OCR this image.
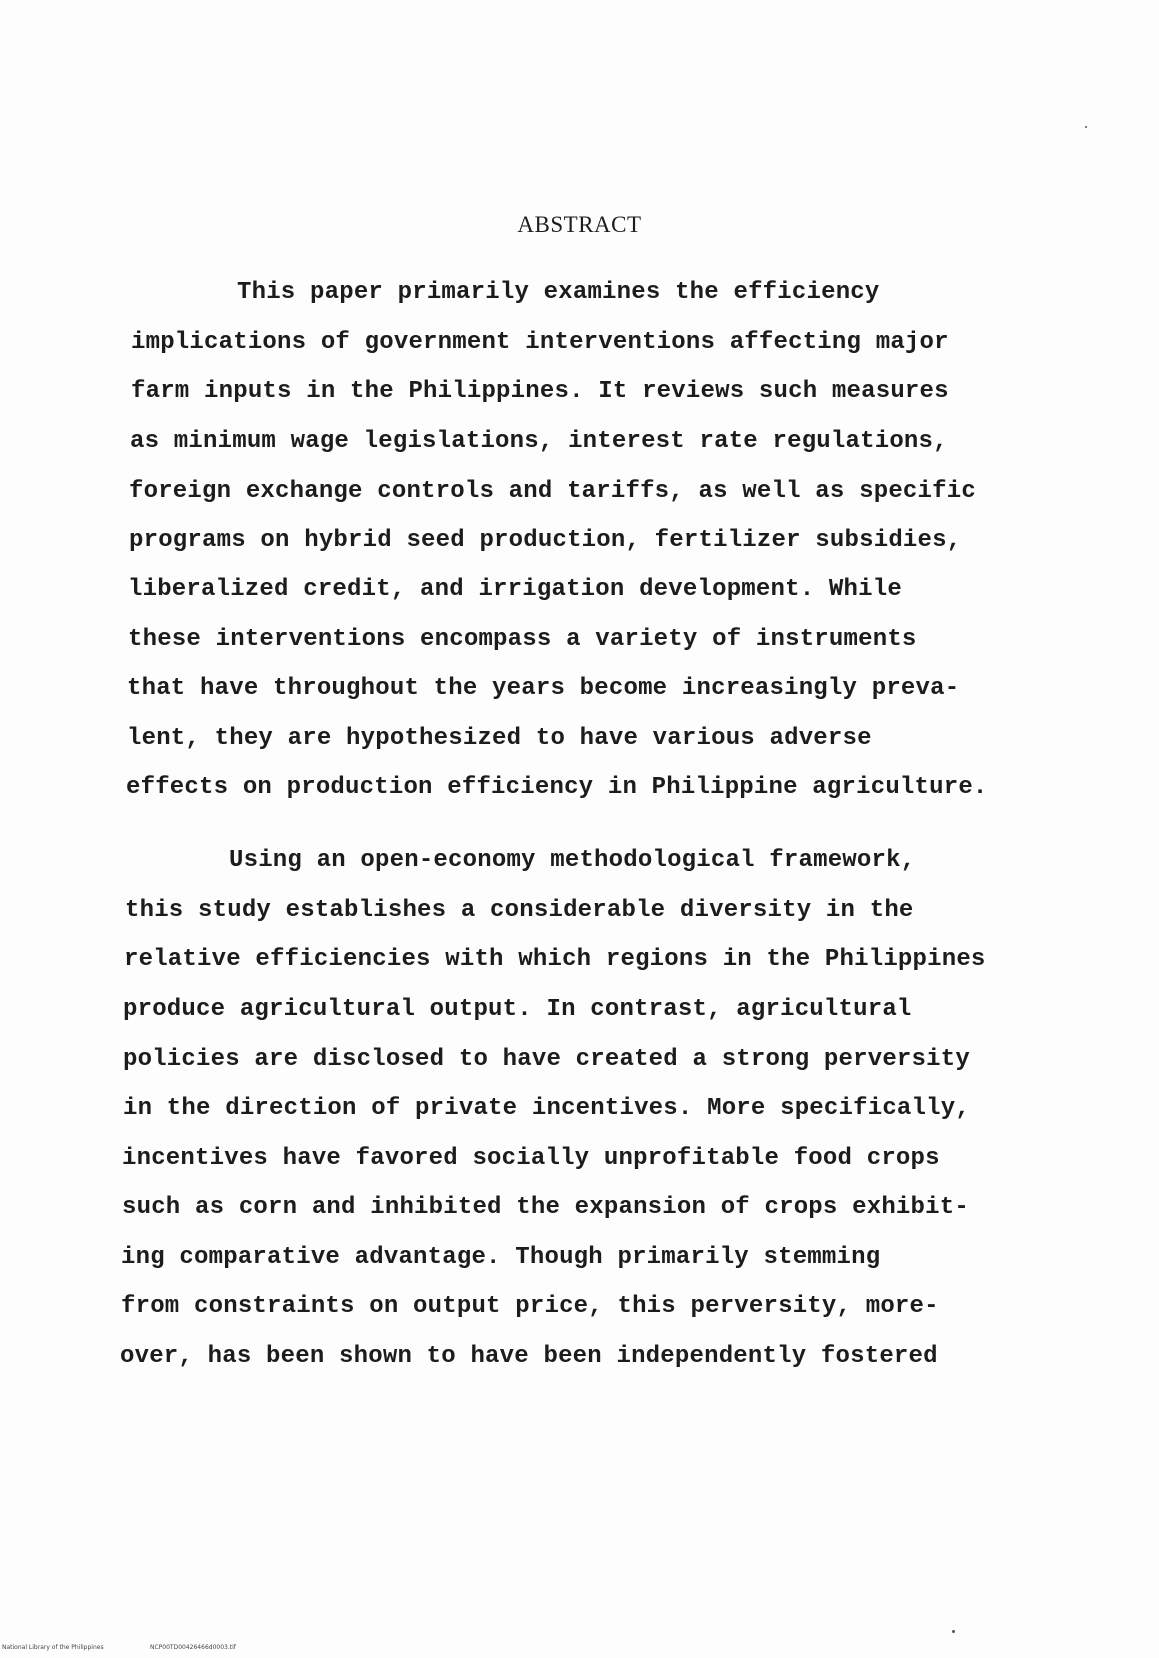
ABSTRACT
This paper primarily examines the efficiency
implications of government interventions affecting major
farm inputs in the Philippines. It reviews such measures
as minimum wage legislations, interest rate regulations,
foreign exchange controls and tariffs, as well as specific
programs on hybrid seed production, fertilizer subsidies,
liberalized credit, and irrigation development. While
these interventions encompass a variety of instruments
that have throughout the years become increasingly preva-
lent, they are hypothesized to have various adverse
effects on production efficiency in Philippine agriculture.
Using an open-economy methodological framework,
this study establishes a considerable diversity in the
relative efficiencies with which regions in the Philippines
produce agricultural output. In contrast, agricultural
policies are disclosed to have created a strong perversity
in the direction of private incentives. More specifically,
incentives have favored socially unprofitable food crops
such as corn and inhibited the expansion of crops exhibit-
ing comparative advantage. Though primarily stemming
from constraints on output price, this perversity, more-
over, has been shown to have been independently fostered
National Library of the Philippines	NCP00TD00426466d0003.tif
